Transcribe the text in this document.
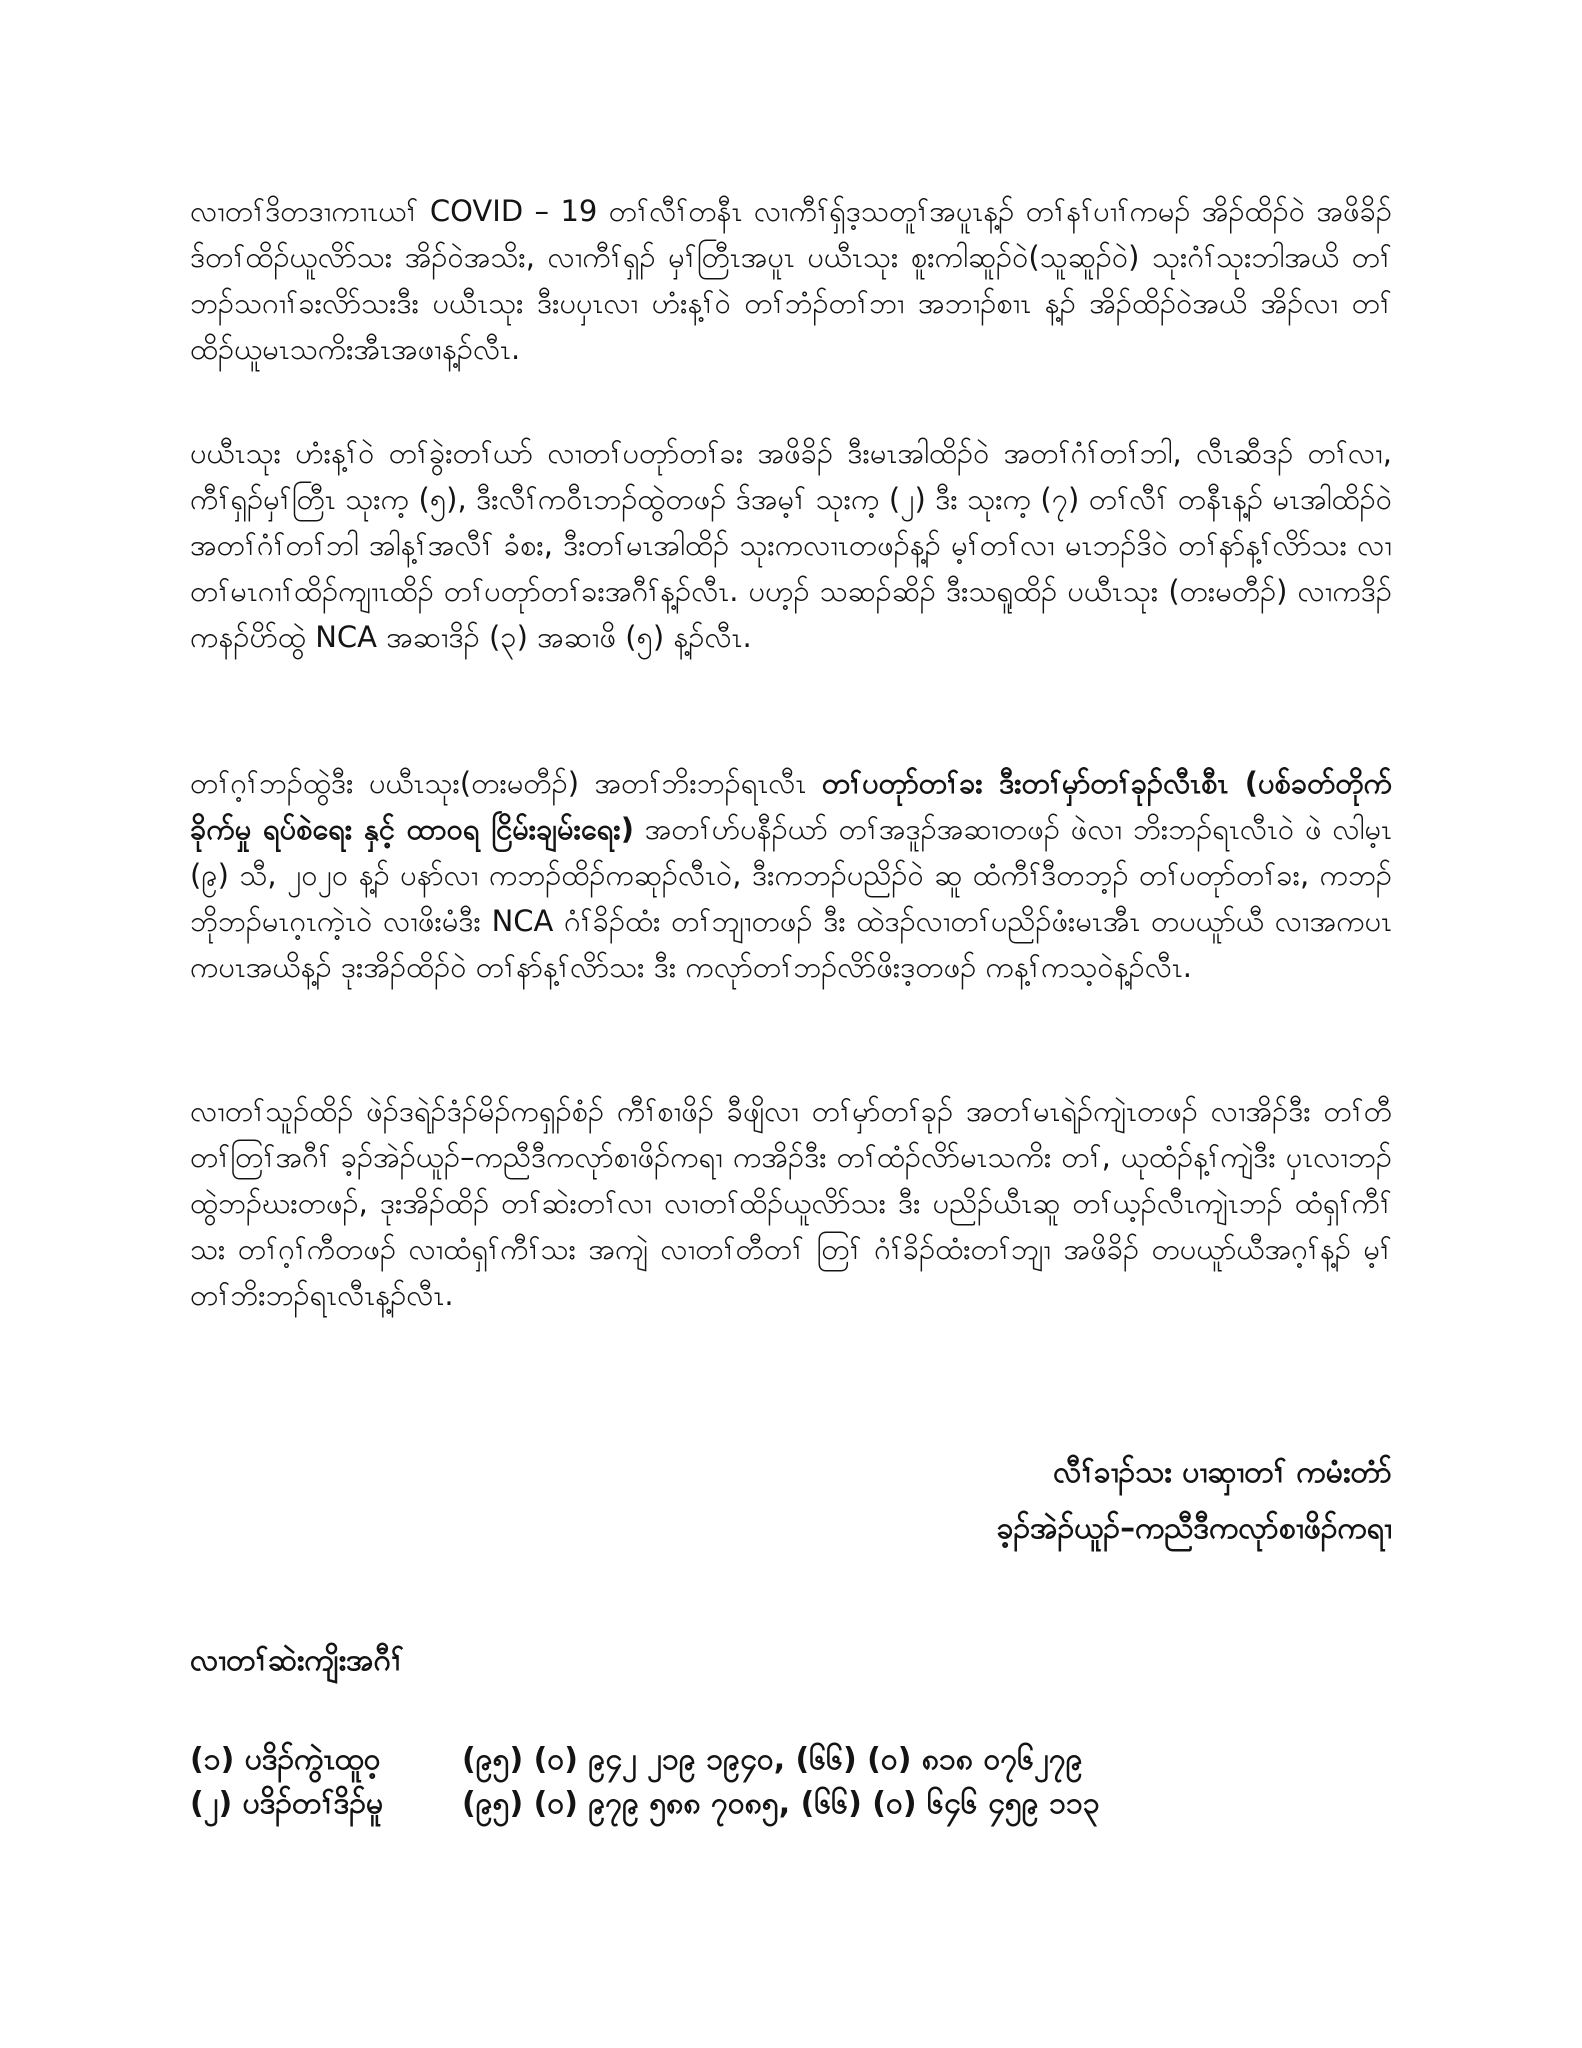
လၢတၢ်ဒိတဒၢကၢၤယၢ် COVID – 19 တၢ်လီၢ်တနီၤ လၢကီၢ်ရှ်ဒ့သတူၢ်အပူၤန့ၣ် တၢ်နၢ်ပၢၢ်ကမၣ် အိၣ်ထိၣ်ဝဲ အဖိခိၣ် ဒ်တၢ်ထိၣ်ယူလိာ်သး အိၣ်ဝဲအသိး, လၢကီၢ်ရှၣ် မှၢ်တြီၤအပူၤ ပယီၤသုး စူးကါဆူၣ်ဝဲ(သူဆူၣ်ဝဲ) သုးဂံၢ်သုးဘါအယိ တၢ်ဘၣ်သဂၢၢ်ခးလိာ်သးဒီး ပယီၤသုး ဒီးပပှၤလၢ ဟံးန့ၢ်ဝဲ တၢ်ဘံၣ်တၢ်ဘၢ အဘၢၣ်စၢၤ န့ၣ် အိၣ်ထိၣ်ဝဲအယိ အိၣ်လၢ တၢ်ထိၣ်ယူမၤသကိးအီၤအဖၢန့ၣ်လီၤ.

ပယီၤသုး ဟံးန့ၢ်ဝဲ တၢ်ခွဲးတၢ်ယာ် လၢတၢ်ပတုာ်တၢ်ခး အဖိခိၣ် ဒီးမၤအါထိၣ်ဝဲ အတၢ်ဂံၢ်တၢ်ဘါ, လီၤဆီဒၣ် တၢ်လၢ, ကီၢ်ရှၣ်မှၢ်တြီၤ သုးက့ (၅), ဒီးလီၢ်ကဝီၤဘၣ်ထွဲတဖၣ် ဒ်အမ့ၢ် သုးက့ (၂) ဒီး သုးက့ (၇) တၢ်လီၢ် တနီၤန့ၣ် မၤအါထိၣ်ဝဲ အတၢ်ဂံၢ်တၢ်ဘါ အါန့ၢ်အလီၢ် ခံစး, ဒီးတၢ်မၤအါထိၣ် သုးကလၢၤတဖၣ်န့ၣ် မ့ၢ်တၢ်လၢ မၤဘၣ်ဒိဝဲ တၢ်နာ်န့ၢ်လိာ်သး လၢတၢ်မၤဂၢၢ်ထိၣ်ကျၢၤထိၣ် တၢ်ပတုာ်တၢ်ခးအဂီၢ်န့ၣ်လီၤ. ပဟ့ၣ် သဆၣ်ဆိၣ် ဒီးသရူထိၣ် ပယီၤသုး (တးမတီၣ်) လၢကဒိၣ်ကနၣ်ပိာ်ထွဲ NCA အဆၢဒိၣ် (၃) အဆၢဖိ (၅) န့ၣ်လီၤ.

တၢ်ဂ့ၢ်ဘၣ်ထွဲဒီး ပယီၤသုး(တးမတီၣ်) အတၢ်ဘိးဘၣ်ရၤလီၤ တၢ်ပတုာ်တၢ်ခး ဒီးတၢ်မှာ်တၢ်ခုၣ်လီၤစီၤ (ပစ်ခတ်တိုက် ခိုက်မှု ရပ်စဲရေး နှင့် ထာဝရ ငြိမ်းချမ်းရေး) အတၢ်ဟ်ပနီၣ်ယာ် တၢ်အဒူၣ်အဆၢတဖၣ် ဖဲလၢ ဘိးဘၣ်ရၤလီၤဝဲ ဖဲ လါမ့ၤ (၉) သီ, ၂၀၂၀ န့ၣ် ပနာ်လၢ ကဘၣ်ထိၣ်ကဆုၣ်လီၤဝဲ, ဒီးကဘၣ်ပညိၣ်ဝဲ ဆူ ထံကီၢ်ဒီတဘ့ၣ် တၢ်ပတုာ်တၢ်ခး, ကဘၣ်ဘိုဘၣ်မၤဂ့ၤကဲ့ၤဝဲ လၢဖိးမံဒီး NCA ဂံၢ်ခိၣ်ထံး တၢ်ဘျၢတဖၣ် ဒီး ထဲဒၣ်လၢတၢ်ပညိၣ်ဖံးမၤအီၤ တပယူာ်ယီ လၢအကပၤကပၤအယိန့ၣ် ဒုးအိၣ်ထိၣ်ဝဲ တၢ်နာ်န့ၢ်လိာ်သး ဒီး ကလုာ်တၢ်ဘၣ်လိာ်ဖိးဒ့တဖၣ် ကန့ၢ်ကသ့ဝဲန့ၣ်လီၤ.

လၢတၢ်သူၣ်ထိၣ် ဖဲၣ်ဒရဲၣ်ဒံၣ်မိၣ်ကရှၣ်စံၣ် ကီၢ်စၢဖိၣ် ခီဖျိလၢ တၢ်မှာ်တၢ်ခုၣ် အတၢ်မၤရဲၣ်ကျဲၤတဖၣ် လၢအိၣ်ဒီး တၢ်တီတၢ်တြၢ်အဂီၢ် ခ့ၣ်အဲၣ်ယူၣ်–ကညီဒီကလုာ်စၢဖိၣ်ကရၢ ကအိၣ်ဒီး တၢ်ထံၣ်လိာ်မၤသကိး တၢ်, ယုထံၣ်န့ၢ်ကျဲဒီး ပှၤလၢဘၣ်ထွဲဘၣ်ဃးတဖၣ်, ဒုးအိၣ်ထိၣ် တၢ်ဆဲးတၢ်လၢ လၢတၢ်ထိၣ်ယူလိာ်သး ဒီး ပညိၣ်ယီၤဆူ တၢ်ယ့ၣ်လီၤကျဲၤဘၣ် ထံရှၢ်ကီၢ်သး တၢ်ဂ့ၢ်ကီတဖၣ် လၢထံရှၢ်ကီၢ်သး အကျဲ လၢတၢ်တီတၢ် တြၢ် ဂံၢ်ခိၣ်ထံးတၢ်ဘျၢ အဖိခိၣ် တပယူာ်ယီအဂ့ၢ်န့ၣ် မ့ၢ်တၢ်ဘိးဘၣ်ရၤလီၤန့ၣ်လီၤ.

လီၢ်ခၢၣ်သး ပၢဆှၢတၢ် ကမံးတံာ်
ခ့ၣ်အဲၣ်ယူၣ်–ကညီဒီကလုာ်စၢဖိၣ်ကရၢ
လၢတၢ်ဆဲးကျိးအဂီၢ်
(၁) ပဒိၣ်ကွဲၤထူဝ့	(၉၅) (၀) ၉၄၂ ၂၁၉ ၁၉၄၀, (၆၆) (၀) ၈၁၈ ၀၇၆၂၇၉
(၂) ပဒိၣ်တၢ်ဒိၣ်မူ	(၉၅) (၀) ၉၇၉ ၅၈၈ ၇၀၈၅, (၆၆) (၀) ၆၄၆ ၄၅၉ ၁၁၃
